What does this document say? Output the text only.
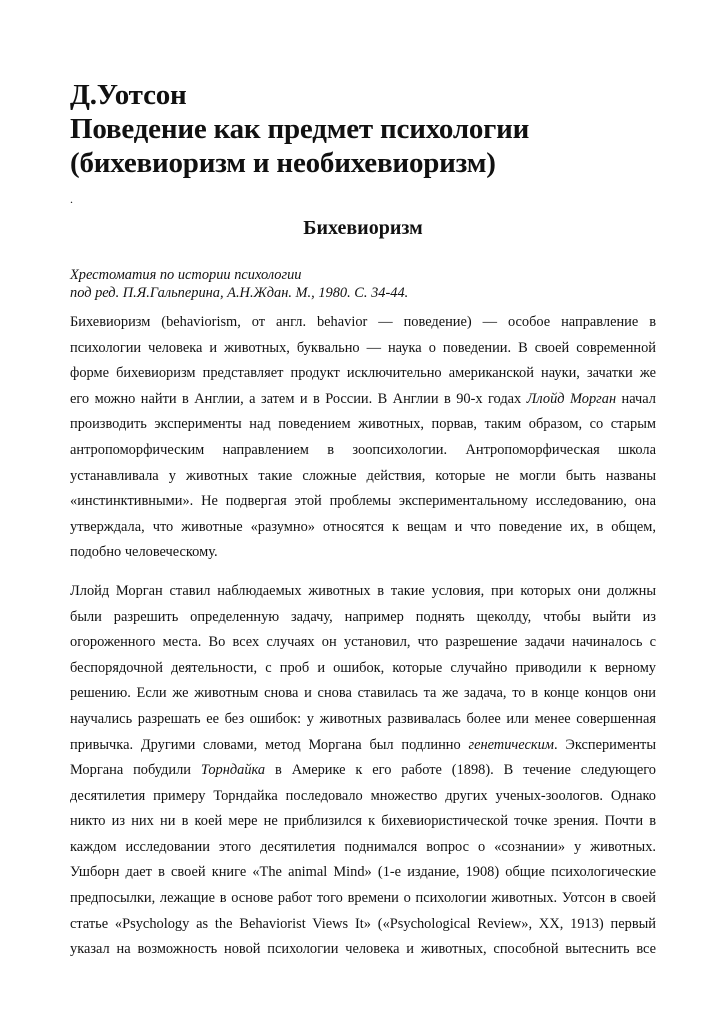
Д.Уотсон
Поведение как предмет психологии
(бихевиоризм и необихевиоризм)
.
Бихевиоризм
Хрестоматия по истории психологии
под ред. П.Я.Гальперина, А.Н.Ждан. М., 1980. С. 34-44.

Бихевиоризм (behaviorism, от англ. behavior — поведение) — особое направление в
психологии человека и животных, буквально — наука о поведении. В своей современной
форме бихевиоризм представляет продукт исключительно американской науки, зачатки же
его можно найти в Англии, а затем и в России. В Англии в 90-х годах Ллойд Морган начал
производить эксперименты над поведением животных, порвав, таким образом, со старым
антропоморфическим направлением в зоопсихологии. Антропоморфическая школа
устанавливала у животных такие сложные действия, которые не могли быть названы
«инстинктивными». Не подвергая этой проблемы экспериментальному исследованию, она
утверждала, что животные «разумно» относятся к вещам и что поведение их, в общем,
подобно человеческому.

Ллойд Морган ставил наблюдаемых животных в такие условия, при которых они должны
были разрешить определенную задачу, например поднять щеколду, чтобы выйти из
огороженного места. Во всех случаях он установил, что разрешение задачи начиналось с
беспорядочной деятельности, с проб и ошибок, которые случайно приводили к верному
решению. Если же животным снова и снова ставилась та же задача, то в конце концов они
научались разрешать ее без ошибок: у животных развивалась более или менее совершенная
привычка. Другими словами, метод Моргана был подлинно генетическим. Эксперименты
Моргана побудили Торндайка в Америке к его работе (1898). В течение следующего
десятилетия примеру Торндайка последовало множество других ученых-зоологов. Однако
никто из них ни в коей мере не приблизился к бихевиористической точке зрения. Почти в
каждом исследовании этого десятилетия поднимался вопрос о «сознании» у животных.
Ушборн дает в своей книге «The animal Mind» (1-е издание, 1908) общие психологические
предпосылки, лежащие в основе работ того времени о психологии животных. Уотсон в своей
статье «Psychology as the Behaviorist Views It» («Psychological Review», XX, 1913) первый
указал на возможность новой психологии человека и животных, способной вытеснить все
